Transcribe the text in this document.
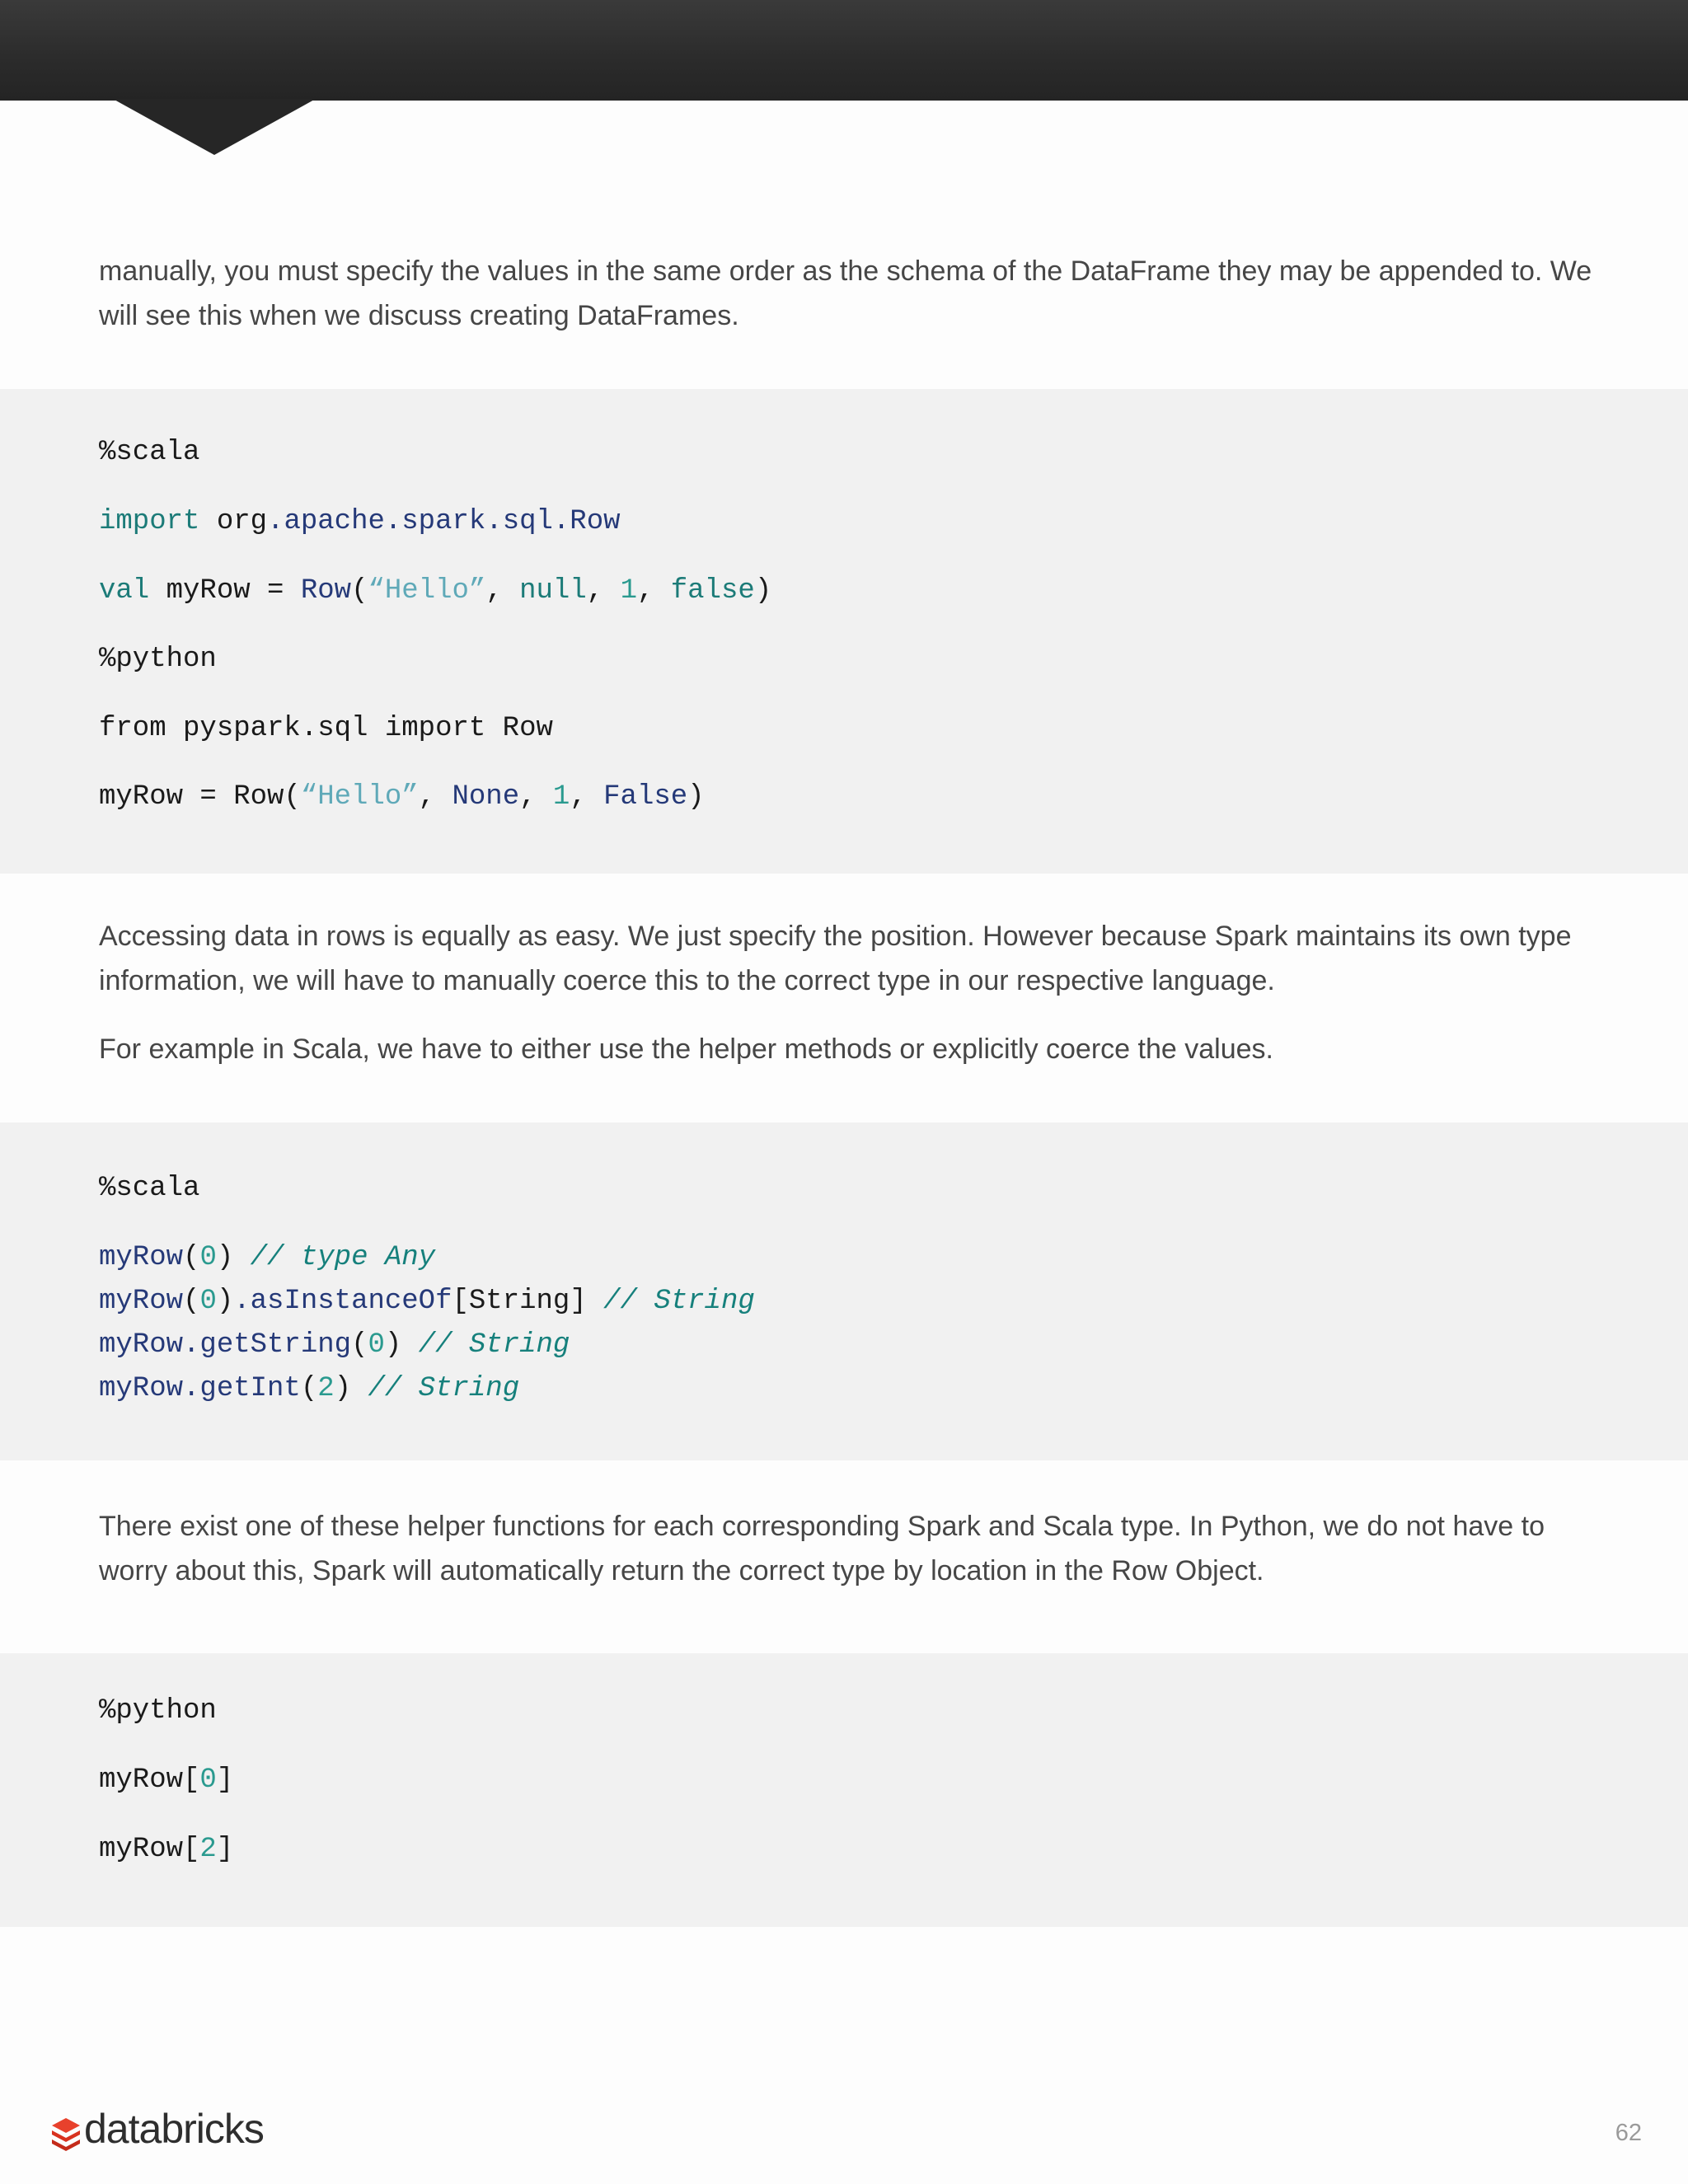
manually, you must specify the values in the same order as the schema of the DataFrame they may be appended to. We will see this when we discuss creating DataFrames.

%scala
import org.apache.spark.sql.Row
val myRow = Row(“Hello”, null, 1, false)
%python
from pyspark.sql import Row
myRow = Row(“Hello”, None, 1, False)

Accessing data in rows is equally as easy. We just specify the position. However because Spark maintains its own type information, we will have to manually coerce this to the correct type in our respective language.

For example in Scala, we have to either use the helper methods or explicitly coerce the values.

%scala
myRow(0) // type Any
myRow(0).asInstanceOf[String] // String
myRow.getString(0) // String
myRow.getInt(2) // String

There exist one of these helper functions for each corresponding Spark and Scala type. In Python, we do not have to worry about this, Spark will automatically return the correct type by location in the Row Object.

%python
myRow[0]
myRow[2]

databricks	62
